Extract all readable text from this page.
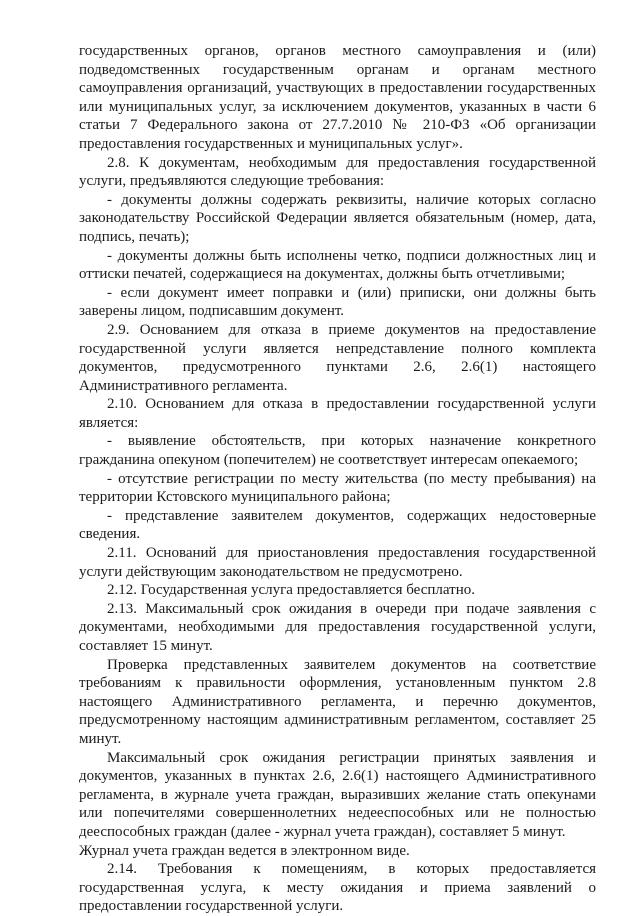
государственных органов, органов местного самоуправления и (или) подведомственных государственным органам и органам местного самоуправления организаций, участвующих в предоставлении государственных или муниципальных услуг, за исключением документов, указанных в части 6 статьи 7 Федерального закона от 27.7.2010 № 210-ФЗ «Об организации предоставления государственных и муниципальных услуг».

2.8. К документам, необходимым для предоставления государственной услуги, предъявляются следующие требования:

- документы должны содержать реквизиты, наличие которых согласно законодательству Российской Федерации является обязательным (номер, дата, подпись, печать);

- документы должны быть исполнены четко, подписи должностных лиц и оттиски печатей, содержащиеся на документах, должны быть отчетливыми;

- если документ имеет поправки и (или) приписки, они должны быть заверены лицом, подписавшим документ.

2.9. Основанием для отказа в приеме документов на предоставление государственной услуги является непредставление полного комплекта документов, предусмотренного пунктами 2.6, 2.6(1) настоящего Административного регламента.

2.10. Основанием для отказа в предоставлении государственной услуги является:

- выявление обстоятельств, при которых назначение конкретного гражданина опекуном (попечителем) не соответствует интересам опекаемого;

- отсутствие регистрации по месту жительства (по месту пребывания) на территории Кстовского муниципального района;

- представление заявителем документов, содержащих недостоверные сведения.

2.11. Оснований для приостановления предоставления государственной услуги действующим законодательством не предусмотрено.

2.12. Государственная услуга предоставляется бесплатно.

2.13. Максимальный срок ожидания в очереди при подаче заявления с документами, необходимыми для предоставления государственной услуги, составляет 15 минут.

Проверка представленных заявителем документов на соответствие требованиям к правильности оформления, установленным пунктом 2.8 настоящего Административного регламента, и перечню документов, предусмотренному настоящим административным регламентом, составляет 25 минут.

Максимальный срок ожидания регистрации принятых заявления и документов, указанных в пунктах 2.6, 2.6(1) настоящего Административного регламента, в журнале учета граждан, выразивших желание стать опекунами или попечителями совершеннолетних недееспособных или не полностью дееспособных граждан (далее - журнал учета граждан), составляет 5 минут.

Журнал учета граждан ведется в электронном виде.

2.14. Требования к помещениям, в которых предоставляется государственная услуга, к месту ожидания и приема заявлений о предоставлении государственной услуги.
